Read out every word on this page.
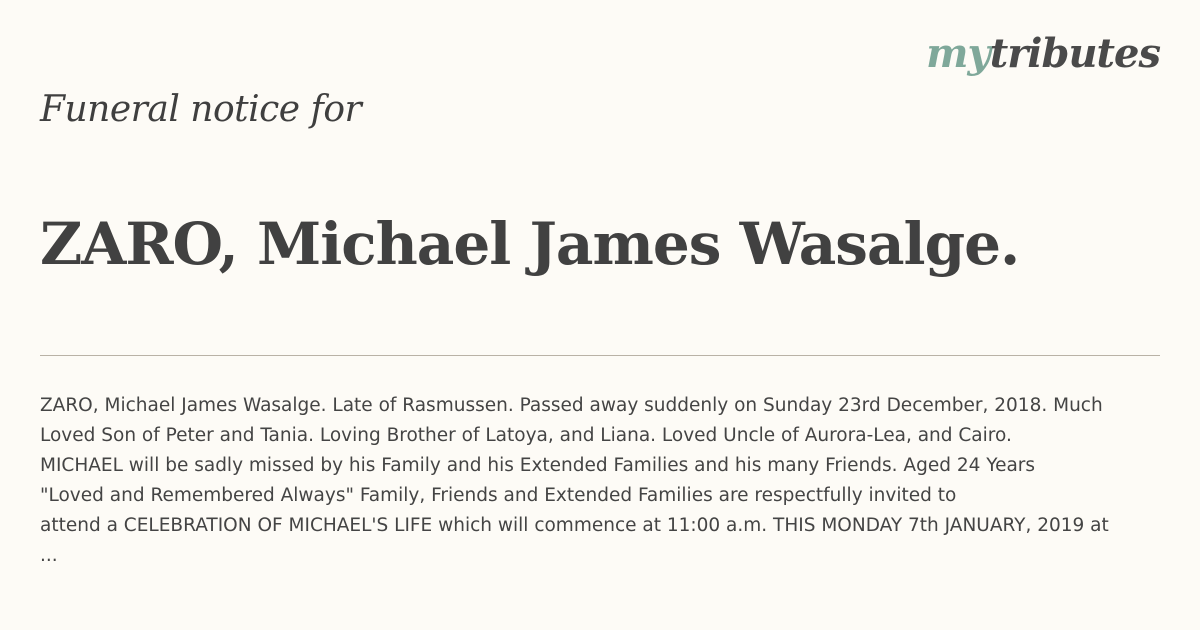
mytributes
Funeral notice for
ZARO, Michael James Wasalge.

ZARO, Michael James Wasalge. Late of Rasmussen. Passed away suddenly on Sunday 23rd December, 2018. Much
Loved Son of Peter and Tania. Loving Brother of Latoya, and Liana. Loved Uncle of Aurora-Lea, and Cairo.
MICHAEL will be sadly missed by his Family and his Extended Families and his many Friends. Aged 24 Years
"Loved and Remembered Always" Family, Friends and Extended Families are respectfully invited to
attend a CELEBRATION OF MICHAEL'S LIFE which will commence at 11:00 a.m. THIS MONDAY 7th JANUARY, 2019 at
...
